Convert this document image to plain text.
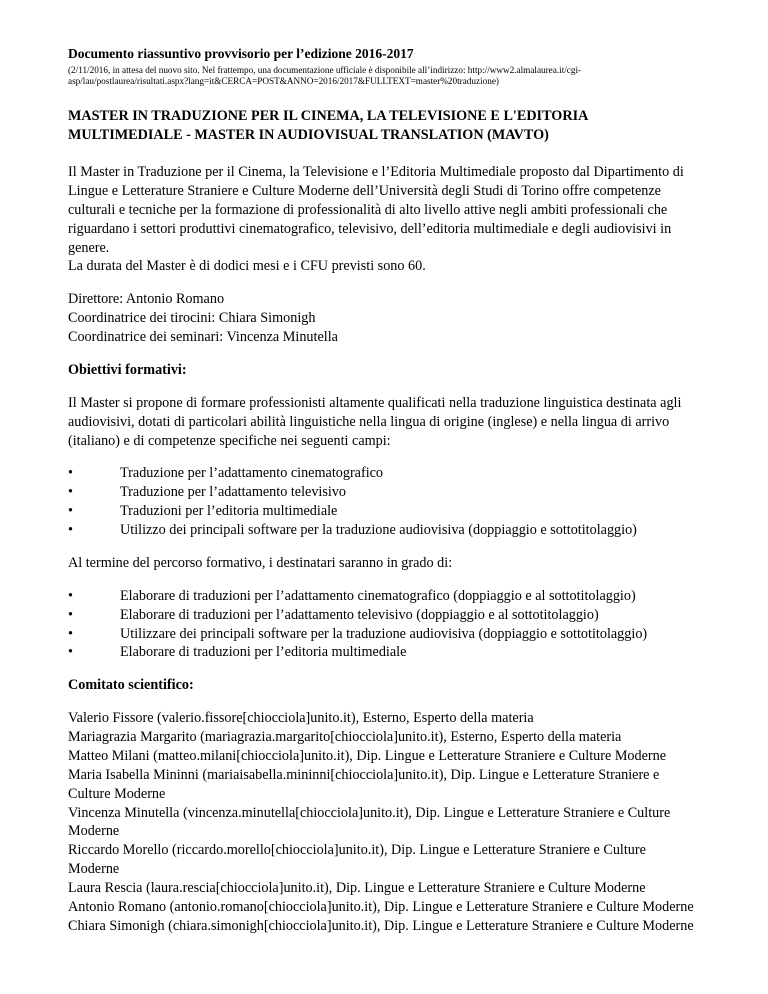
Documento riassuntivo provvisorio per l’edizione 2016-2017
(2/11/2016, in attesa del nuovo sito. Nel frattempo, una documentazione ufficiale è disponibile all’indirizzo: http://www2.almalaurea.it/cgi-asp/lau/postlaurea/risultati.aspx?lang=it&CERCA=POST&ANNO=2016/2017&FULLTEXT=master%20traduzione)
MASTER IN TRADUZIONE PER IL CINEMA, LA TELEVISIONE E L'EDITORIA MULTIMEDIALE - MASTER IN AUDIOVISUAL TRANSLATION (MAVTO)

Il Master in Traduzione per il Cinema, la Televisione e l’Editoria Multimediale proposto dal Dipartimento di Lingue e Letterature Straniere e Culture Moderne dell’Università degli Studi di Torino offre competenze culturali e tecniche per la formazione di professionalità di alto livello attive negli ambiti professionali che riguardano i settori produttivi cinematografico, televisivo, dell’editoria multimediale e degli audiovisivi in genere.

La durata del Master è di dodici mesi e i CFU previsti sono 60.

Direttore: Antonio Romano

Coordinatrice dei tirocini: Chiara Simonigh

Coordinatrice dei seminari: Vincenza Minutella

Obiettivi formativi:

Il Master si propone di formare professionisti altamente qualificati nella traduzione linguistica destinata agli audiovisivi, dotati di particolari abilità linguistiche nella lingua di origine (inglese) e nella lingua di arrivo (italiano) e di competenze specifiche nei seguenti campi:

•	Traduzione per l’adattamento cinematografico
•	Traduzione per l’adattamento televisivo
•	Traduzioni per l’editoria multimediale
•	Utilizzo dei principali software per la traduzione audiovisiva (doppiaggio e sottotitolaggio)

Al termine del percorso formativo, i destinatari saranno in grado di:

•	Elaborare di traduzioni per l’adattamento cinematografico (doppiaggio e al sottotitolaggio)
•	Elaborare di traduzioni per l’adattamento televisivo (doppiaggio e al sottotitolaggio)
•	Utilizzare dei principali software per la traduzione audiovisiva (doppiaggio e sottotitolaggio)
•	Elaborare di traduzioni per l’editoria multimediale
Comitato scientifico:

Valerio Fissore (valerio.fissore[chiocciola]unito.it), Esterno, Esperto della materia

Mariagrazia Margarito (mariagrazia.margarito[chiocciola]unito.it), Esterno, Esperto della materia

Matteo Milani (matteo.milani[chiocciola]unito.it), Dip. Lingue e Letterature Straniere e Culture Moderne

Maria Isabella Mininni (mariaisabella.mininni[chiocciola]unito.it), Dip. Lingue e Letterature Straniere e Culture Moderne

Vincenza Minutella (vincenza.minutella[chiocciola]unito.it), Dip. Lingue e Letterature Straniere e Culture Moderne

Riccardo Morello (riccardo.morello[chiocciola]unito.it), Dip. Lingue e Letterature Straniere e Culture Moderne

Laura Rescia (laura.rescia[chiocciola]unito.it), Dip. Lingue e Letterature Straniere e Culture Moderne

Antonio Romano (antonio.romano[chiocciola]unito.it), Dip. Lingue e Letterature Straniere e Culture Moderne

Chiara Simonigh (chiara.simonigh[chiocciola]unito.it), Dip. Lingue e Letterature Straniere e Culture Moderne
